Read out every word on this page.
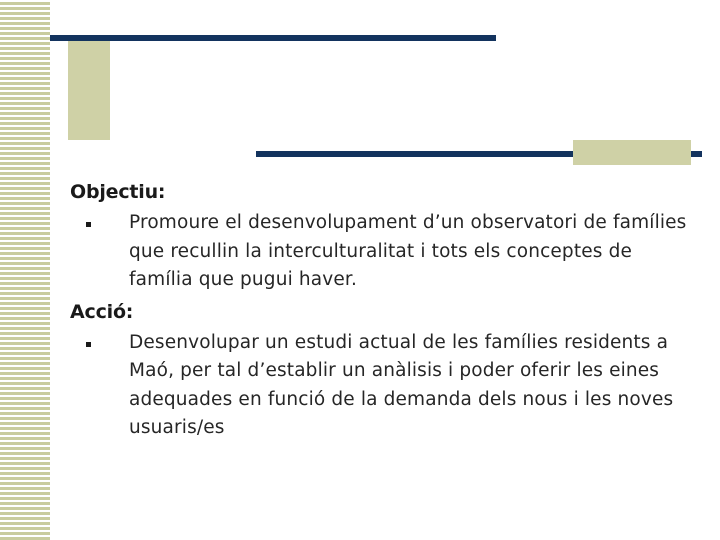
Objectiu:
Promoure el desenvolupament d’un observatori de famílies que recullin la interculturalitat i tots els conceptes de família que pugui haver.
Acció:
Desenvolupar un estudi actual de les famílies residents a Maó, per tal d’establir un anàlisis i poder oferir les eines adequades en funció de la demanda dels nous i les noves usuaris/es
